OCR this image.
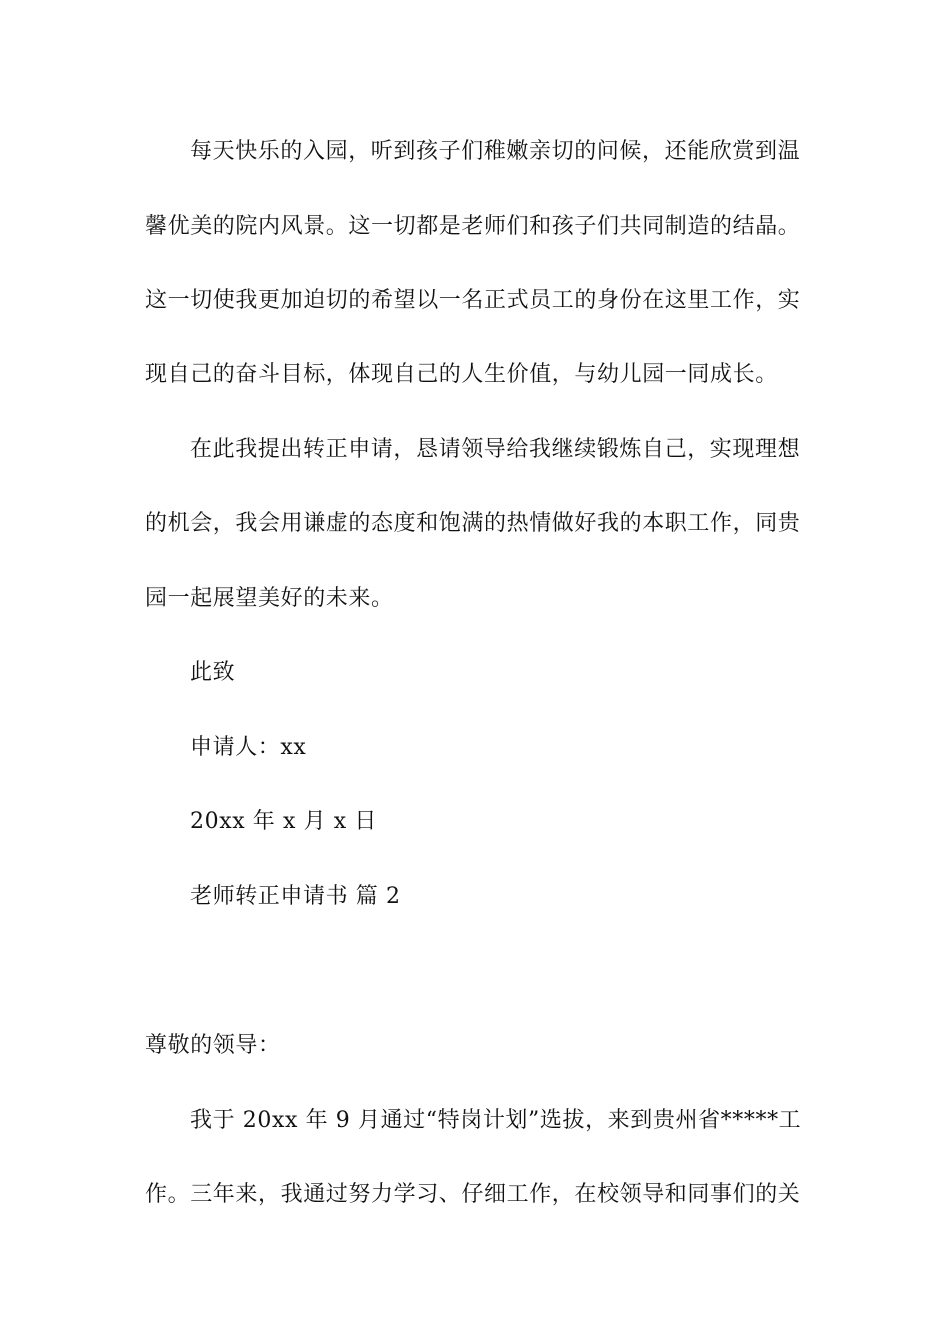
每天快乐的入园，听到孩子们稚嫩亲切的问候，还能欣赏到温
馨优美的院内风景。这一切都是老师们和孩子们共同制造的结晶。
这一切使我更加迫切的希望以一名正式员工的身份在这里工作，实
现自己的奋斗目标，体现自己的人生价值，与幼儿园一同成长。
在此我提出转正申请，恳请领导给我继续锻炼自己，实现理想
的机会，我会用谦虚的态度和饱满的热情做好我的本职工作，同贵
园一起展望美好的未来。
此致
申请人：xx
20xx 年 x 月 x 日
老师转正申请书 篇 2
尊敬的领导：
我于 20xx 年 9 月通过“特岗计划”选拔，来到贵州省*****工
作。三年来，我通过努力学习、仔细工作，在校领导和同事们的关
